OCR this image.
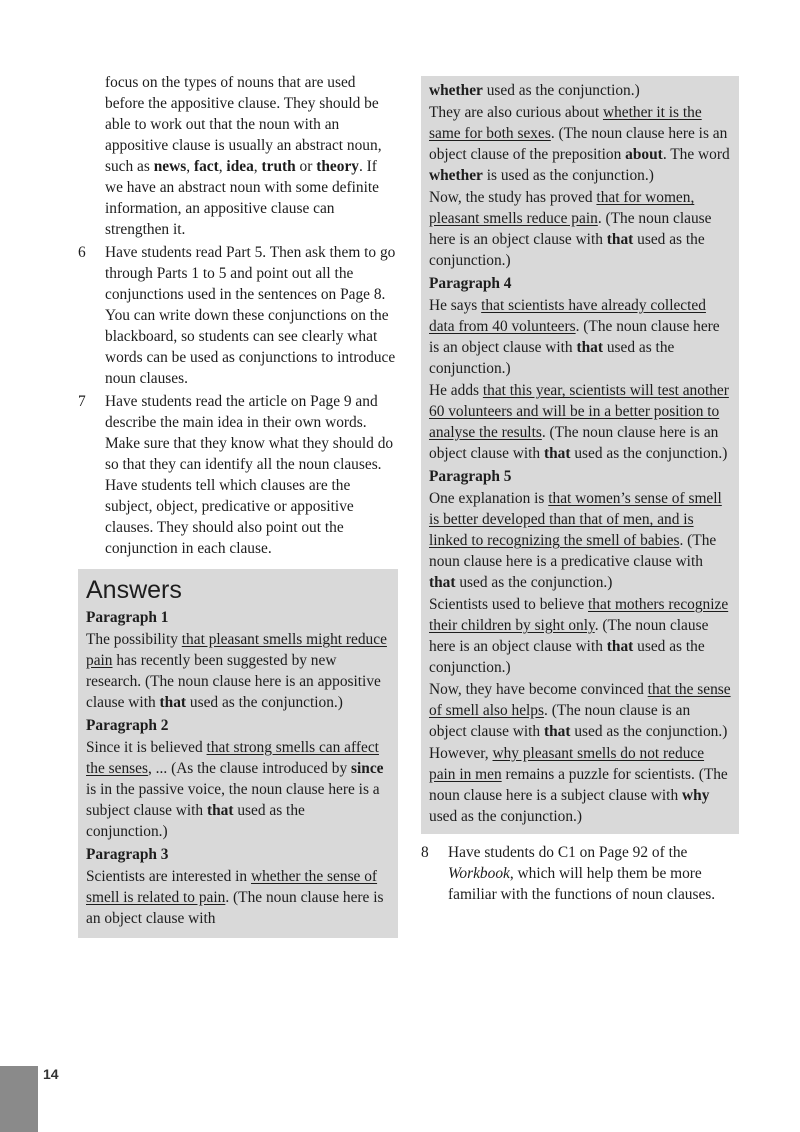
focus on the types of nouns that are used before the appositive clause. They should be able to work out that the noun with an appositive clause is usually an abstract noun, such as news, fact, idea, truth or theory. If we have an abstract noun with some definite information, an appositive clause can strengthen it.

6	Have students read Part 5. Then ask them to go through Parts 1 to 5 and point out all the conjunctions used in the sentences on Page 8. You can write down these conjunctions on the blackboard, so students can see clearly what words can be used as conjunctions to introduce noun clauses.

7	Have students read the article on Page 9 and describe the main idea in their own words. Make sure that they know what they should do so that they can identify all the noun clauses. Have students tell which clauses are the subject, object, predicative or appositive clauses. They should also point out the conjunction in each clause.

Answers

Paragraph 1

The possibility that pleasant smells might reduce pain has recently been suggested by new research. (The noun clause here is an appositive clause with that used as the conjunction.)

Paragraph 2

Since it is believed that strong smells can affect the senses, ... (As the clause introduced by since is in the passive voice, the noun clause here is a subject clause with that used as the conjunction.)

Paragraph 3

Scientists are interested in whether the sense of smell is related to pain. (The noun clause here is an object clause with

whether used as the conjunction.)

They are also curious about whether it is the same for both sexes. (The noun clause here is an object clause of the preposition about. The word whether is used as the conjunction.)

Now, the study has proved that for women, pleasant smells reduce pain. (The noun clause here is an object clause with that used as the conjunction.)

Paragraph 4

He says that scientists have already collected data from 40 volunteers. (The noun clause here is an object clause with that used as the conjunction.)

He adds that this year, scientists will test another 60 volunteers and will be in a better position to analyse the results. (The noun clause here is an object clause with that used as the conjunction.)

Paragraph 5

One explanation is that women’s sense of smell is better developed than that of men, and is linked to recognizing the smell of babies. (The noun clause here is a predicative clause with that used as the conjunction.)

Scientists used to believe that mothers recognize their children by sight only. (The noun clause here is an object clause with that used as the conjunction.)

Now, they have become convinced that the sense of smell also helps. (The noun clause is an object clause with that used as the conjunction.)

However, why pleasant smells do not reduce pain in men remains a puzzle for scientists. (The noun clause here is a subject clause with why used as the conjunction.)

8	Have students do C1 on Page 92 of the Workbook, which will help them be more familiar with the functions of noun clauses.

14
